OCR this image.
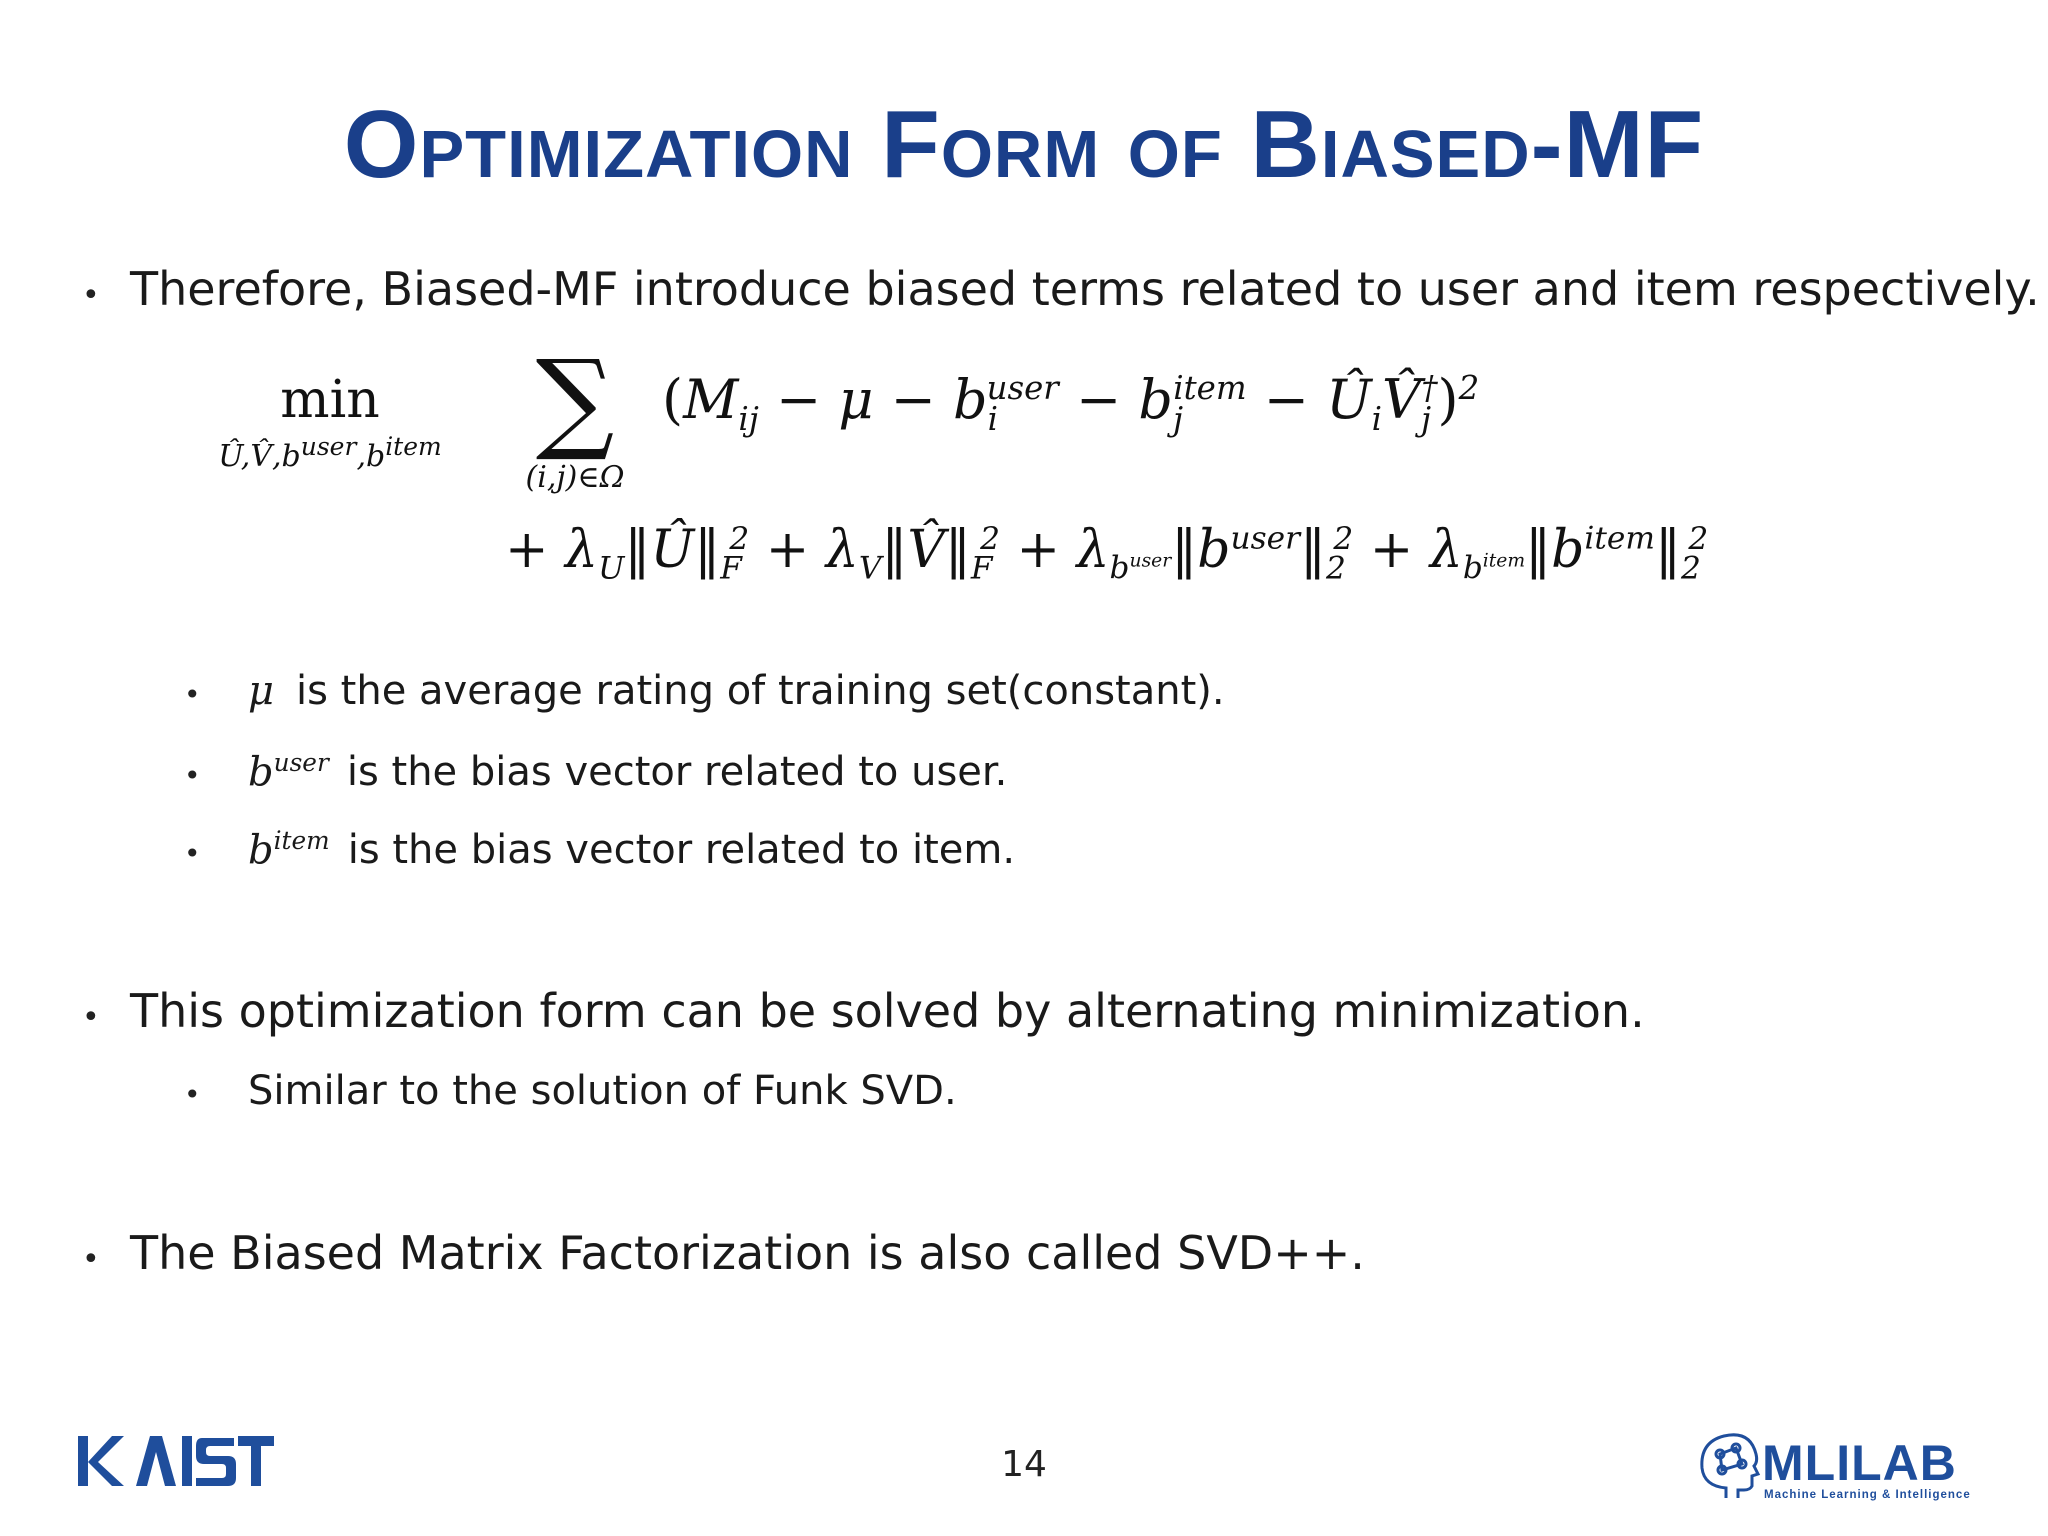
Optimization Form of Biased-MF
• Therefore, Biased-MF introduce biased terms related to user and item respectively.
min
$Û,V̂,b^{user},b^{item}$ ∑
(i,j)∈Ω
($M_{ij} - \mu - b_i^{user} - b_j^{item}$ − $Û_iV̂_j^\dagger)^2$
+ $\lambda_U‖Û‖_F^2$ + $\lambda_V‖V̂‖_F^2$ + $\lambda_{b^{user}}‖b^{user}‖_2^2$ + $\lambda_{b^{item}}‖b^{item}‖_2^2$
•	μ is the average rating of training set(constant).
•	$b^{user}$ is the bias vector related to user.
•	$b^{item}$ is the bias vector related to item.
• This optimization form can be solved by alternating minimization.
•	Similar to the solution of Funk SVD.
• The Biased Matrix Factorization is also called SVD++.
14	MLILAB
Machine Learning & Intelligence
